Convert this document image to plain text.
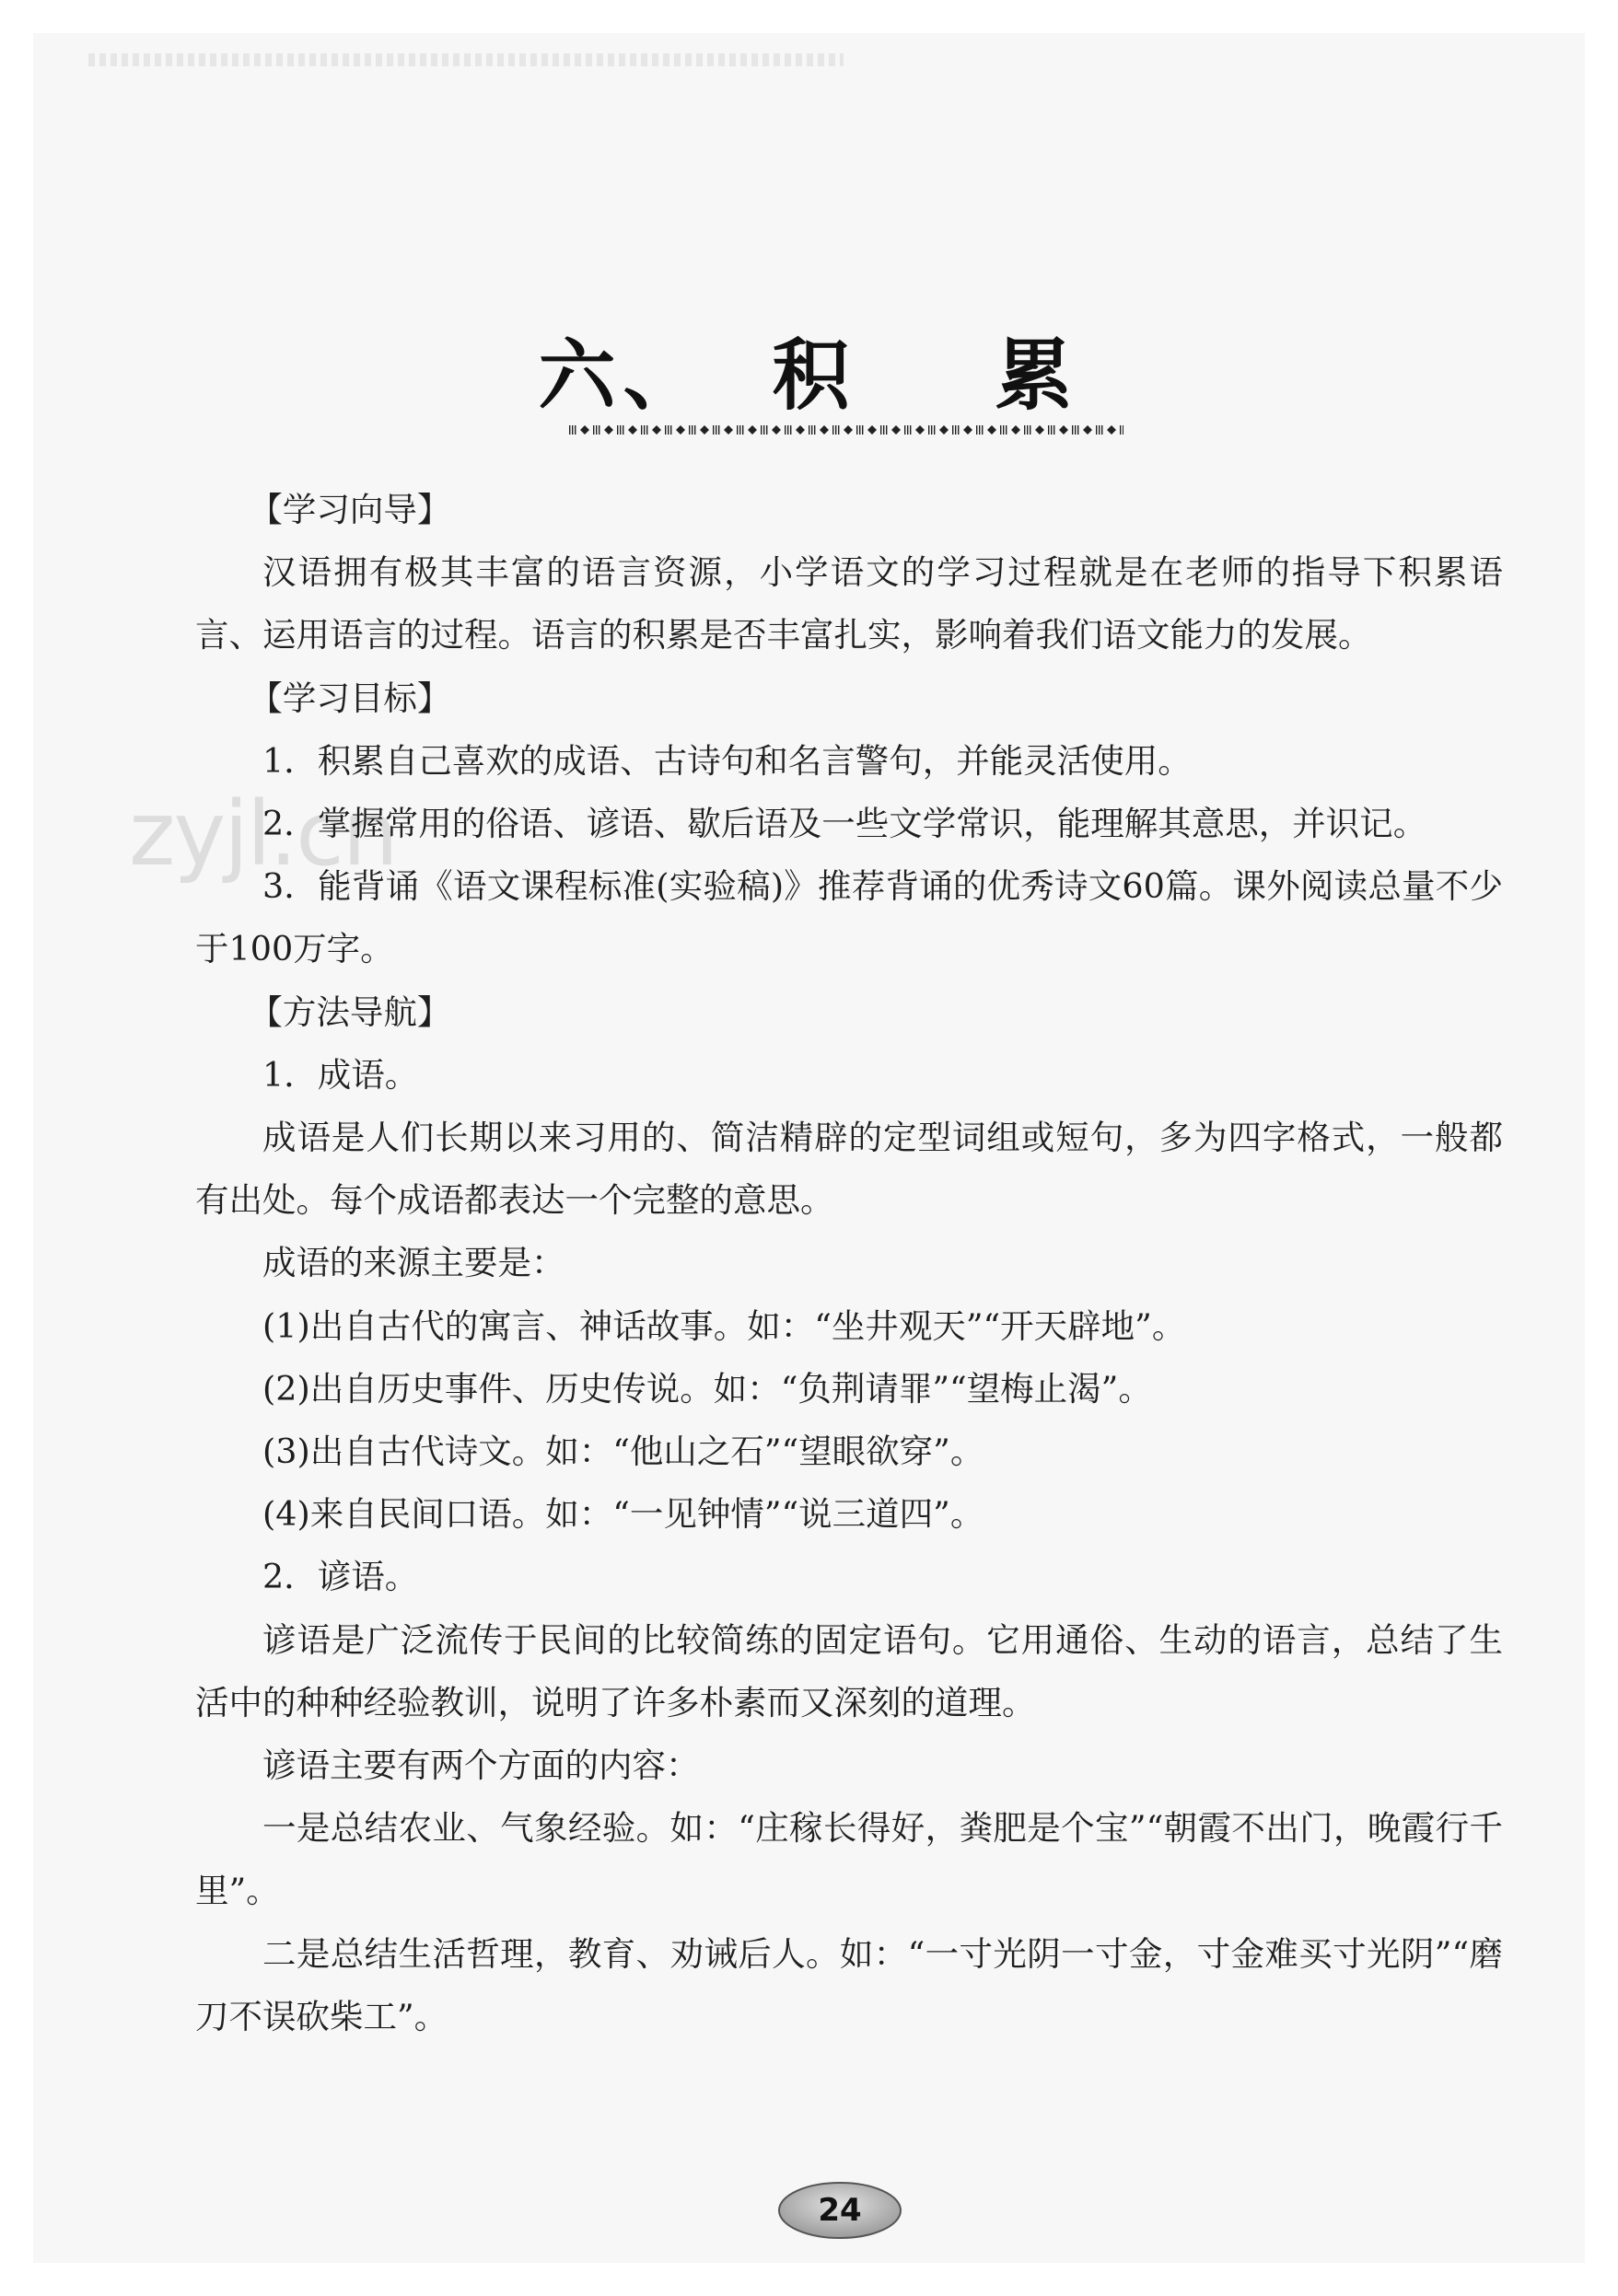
zyjl.cn
六、 积 累

【学习向导】

汉语拥有极其丰富的语言资源，小学语文的学习过程就是在老师的指导下积累语言、运用语言的过程。语言的积累是否丰富扎实，影响着我们语文能力的发展。

【学习目标】

1．积累自己喜欢的成语、古诗句和名言警句，并能灵活使用。

2．掌握常用的俗语、谚语、歇后语及一些文学常识，能理解其意思，并识记。

3．能背诵《语文课程标准(实验稿)》推荐背诵的优秀诗文60篇。课外阅读总量不少于100万字。

【方法导航】

1．成语。

成语是人们长期以来习用的、简洁精辟的定型词组或短句，多为四字格式，一般都有出处。每个成语都表达一个完整的意思。

成语的来源主要是：

(1)出自古代的寓言、神话故事。如：“坐井观天”“开天辟地”。

(2)出自历史事件、历史传说。如：“负荆请罪”“望梅止渴”。

(3)出自古代诗文。如：“他山之石”“望眼欲穿”。

(4)来自民间口语。如：“一见钟情”“说三道四”。

2．谚语。

谚语是广泛流传于民间的比较简练的固定语句。它用通俗、生动的语言，总结了生活中的种种经验教训，说明了许多朴素而又深刻的道理。

谚语主要有两个方面的内容：

一是总结农业、气象经验。如：“庄稼长得好，粪肥是个宝”“朝霞不出门，晚霞行千里”。

二是总结生活哲理，教育、劝诫后人。如：“一寸光阴一寸金，寸金难买寸光阴”“磨刀不误砍柴工”。

24
